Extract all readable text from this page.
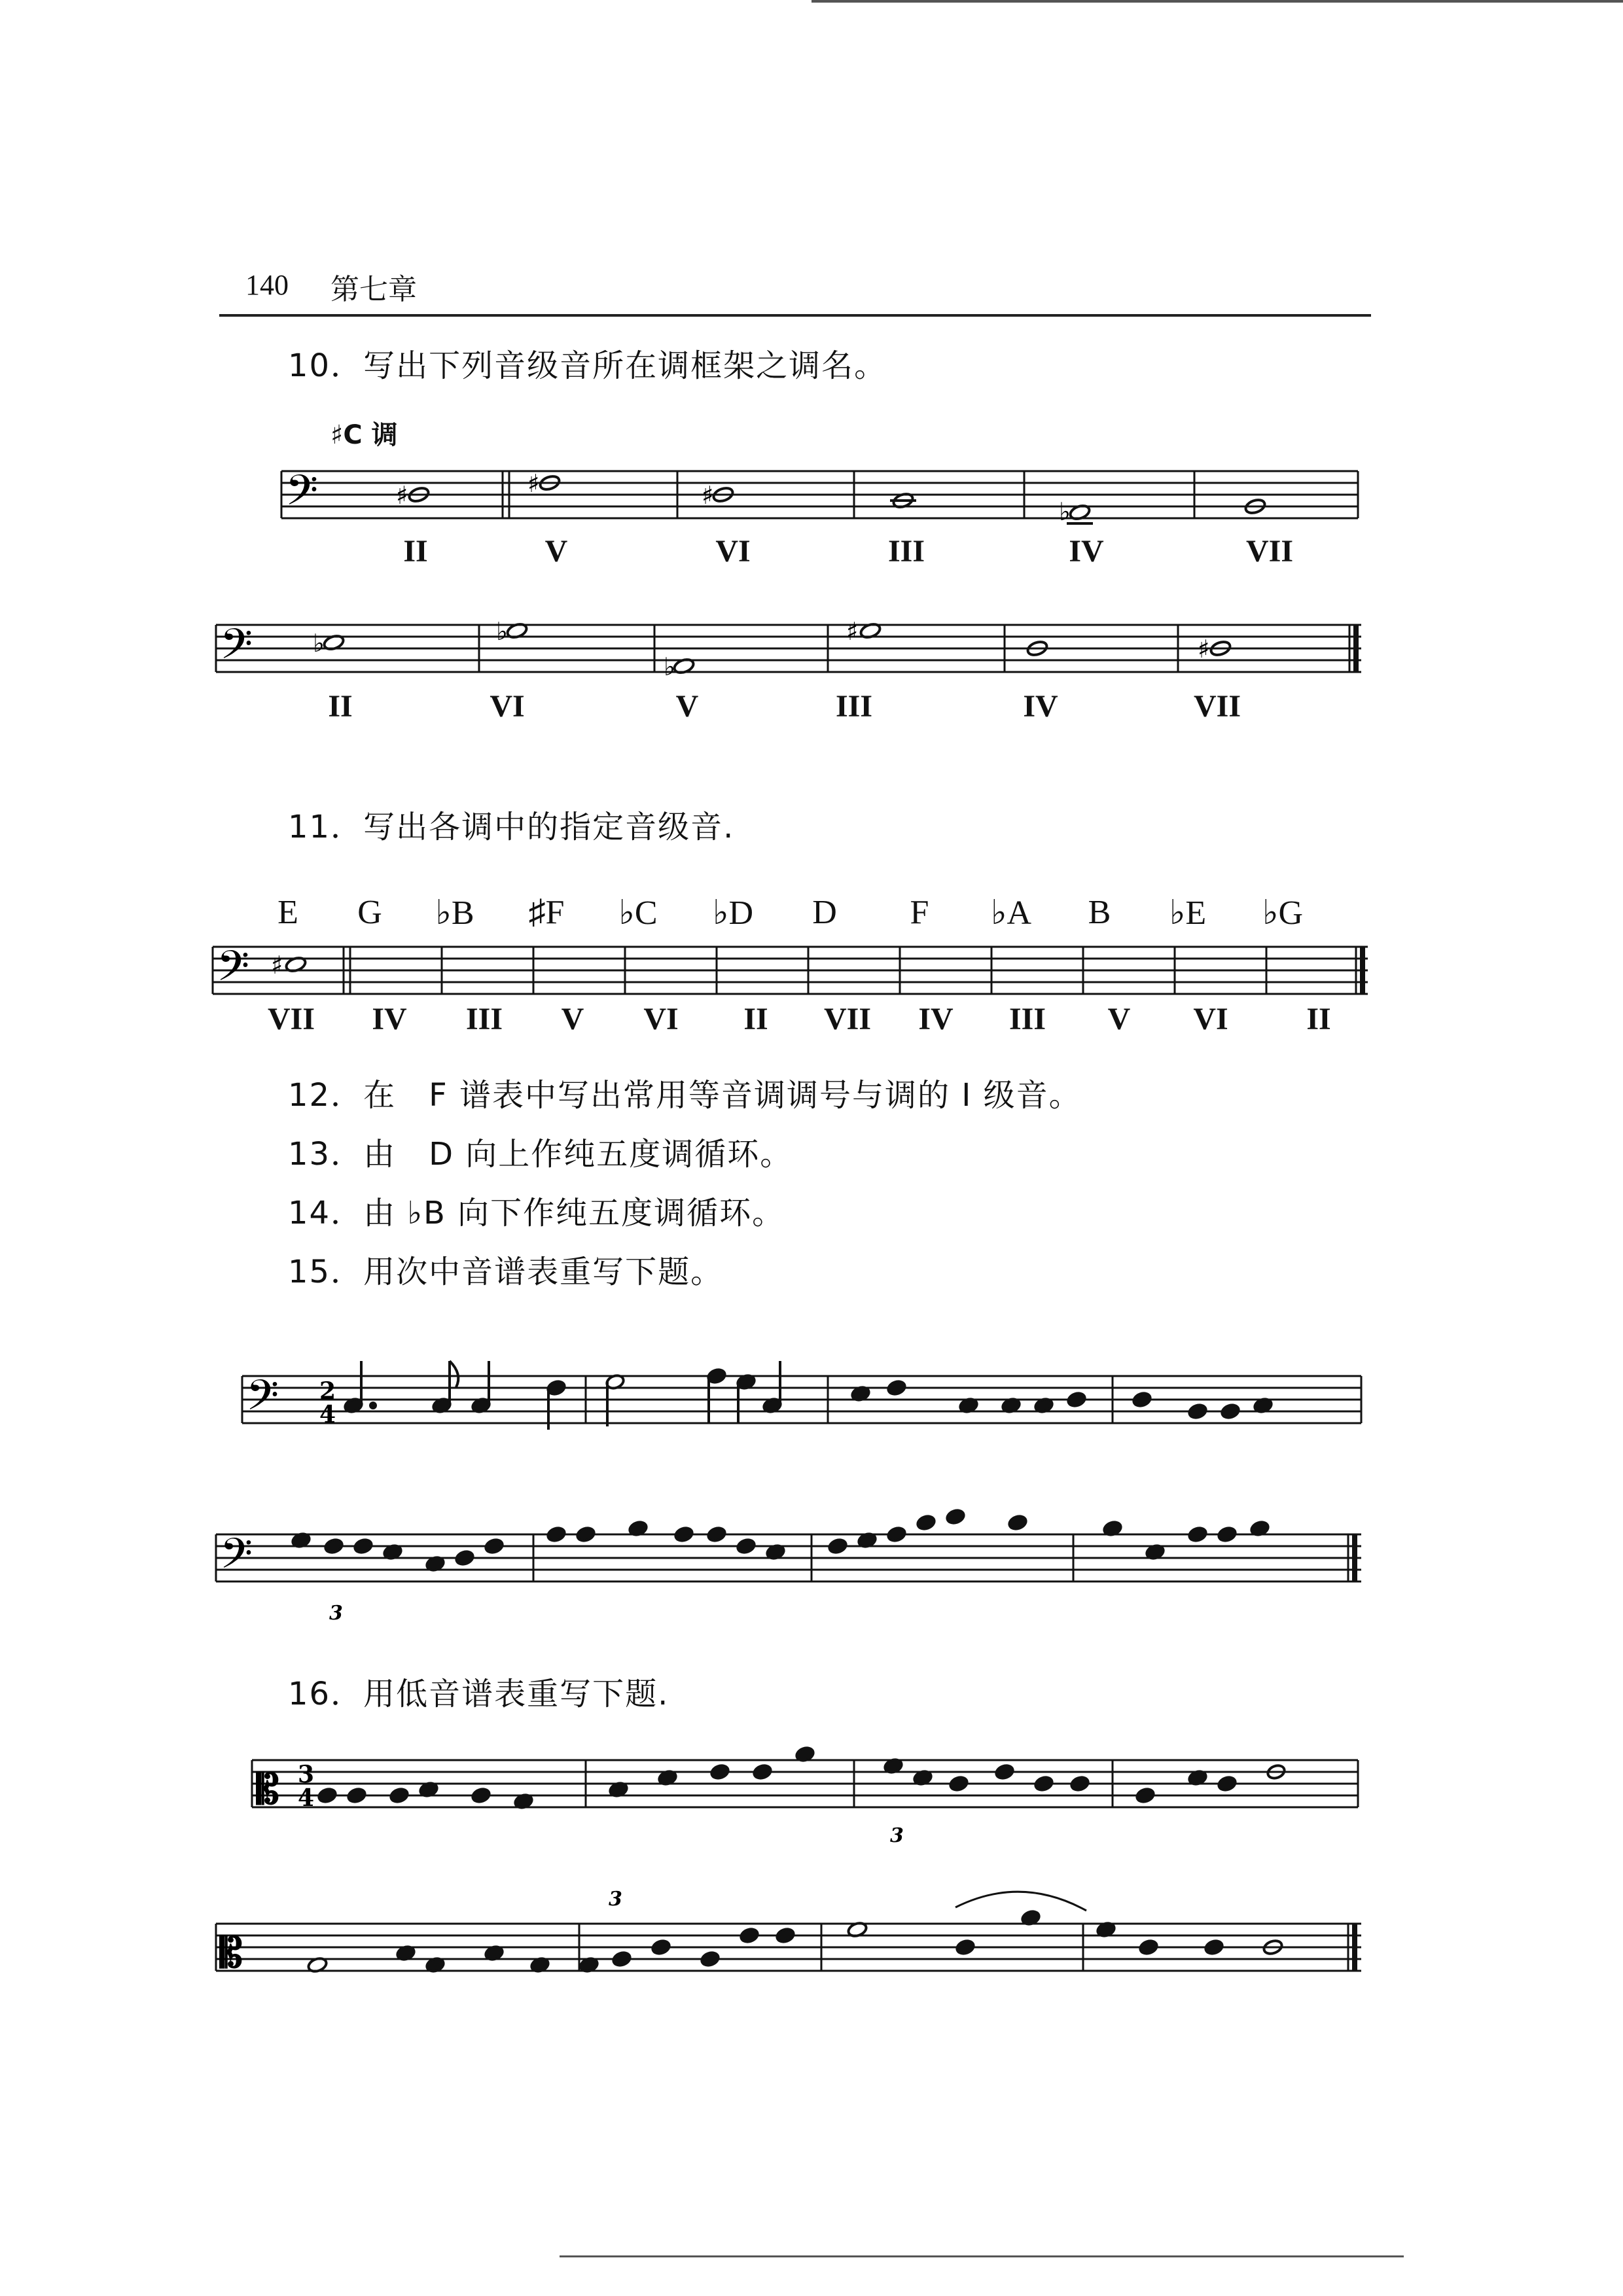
140 第七章
10．写出下列音级音所在调框架之调名。
♯C 调
𝄢	♯	♯	♯
♭
II	V	VI	III	IV	VII
𝄢 ♭	♭
♭
♯
♯
II	VI	V	III	IV	VII
11．写出各调中的指定音级音.
E	G	♭B	♯F	♭C	♭D	D	F	♭A	B	♭E	♭G
𝄢 ♯
VII	IV	III	V	VI	II	VII	IV	III	V	VI	II
12．在　F 谱表中写出常用等音调调号与调的 I 级音。
13．由　D 向上作纯五度调循环。
14．由 ♭B 向下作纯五度调循环。
15．用次中音谱表重写下题。
𝄢 2
4
𝄢
3
16．用低音谱表重写下题.
𝄡 3
4
3
𝄡
3
